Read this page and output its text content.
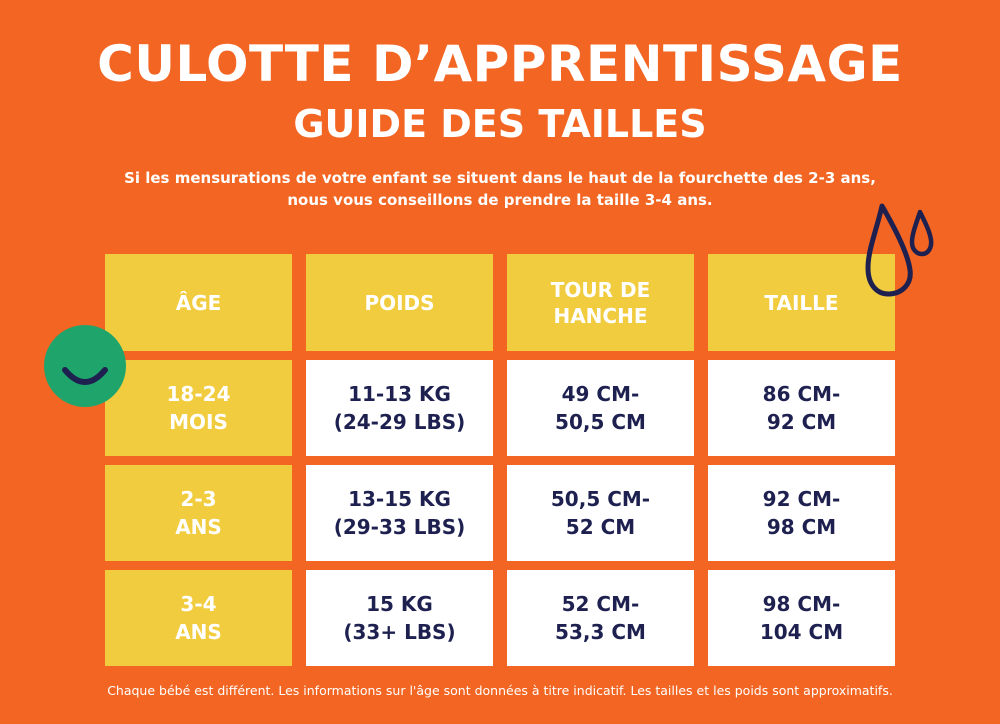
CULOTTE D’APPRENTISSAGE
GUIDE DES TAILLES
Si les mensurations de votre enfant se situent dans le haut de la fourchette des 2-3 ans,
nous vous conseillons de prendre la taille 3-4 ans.
ÂGE	POIDS
TOUR DE
HANCHE
TAILLE
18-24
MOIS
11-13 KG
(24-29 LBS)
49 CM-
50,5 CM
86 CM-
92 CM
2-3
ANS
13-15 KG
(29-33 LBS)
50,5 CM-
52 CM
92 CM-
98 CM
3-4
ANS
15 KG
(33+ LBS)
52 CM-
53,3 CM
98 CM-
104 CM
Chaque bébé est différent. Les informations sur l'âge sont données à titre indicatif. Les tailles et les poids sont approximatifs.
